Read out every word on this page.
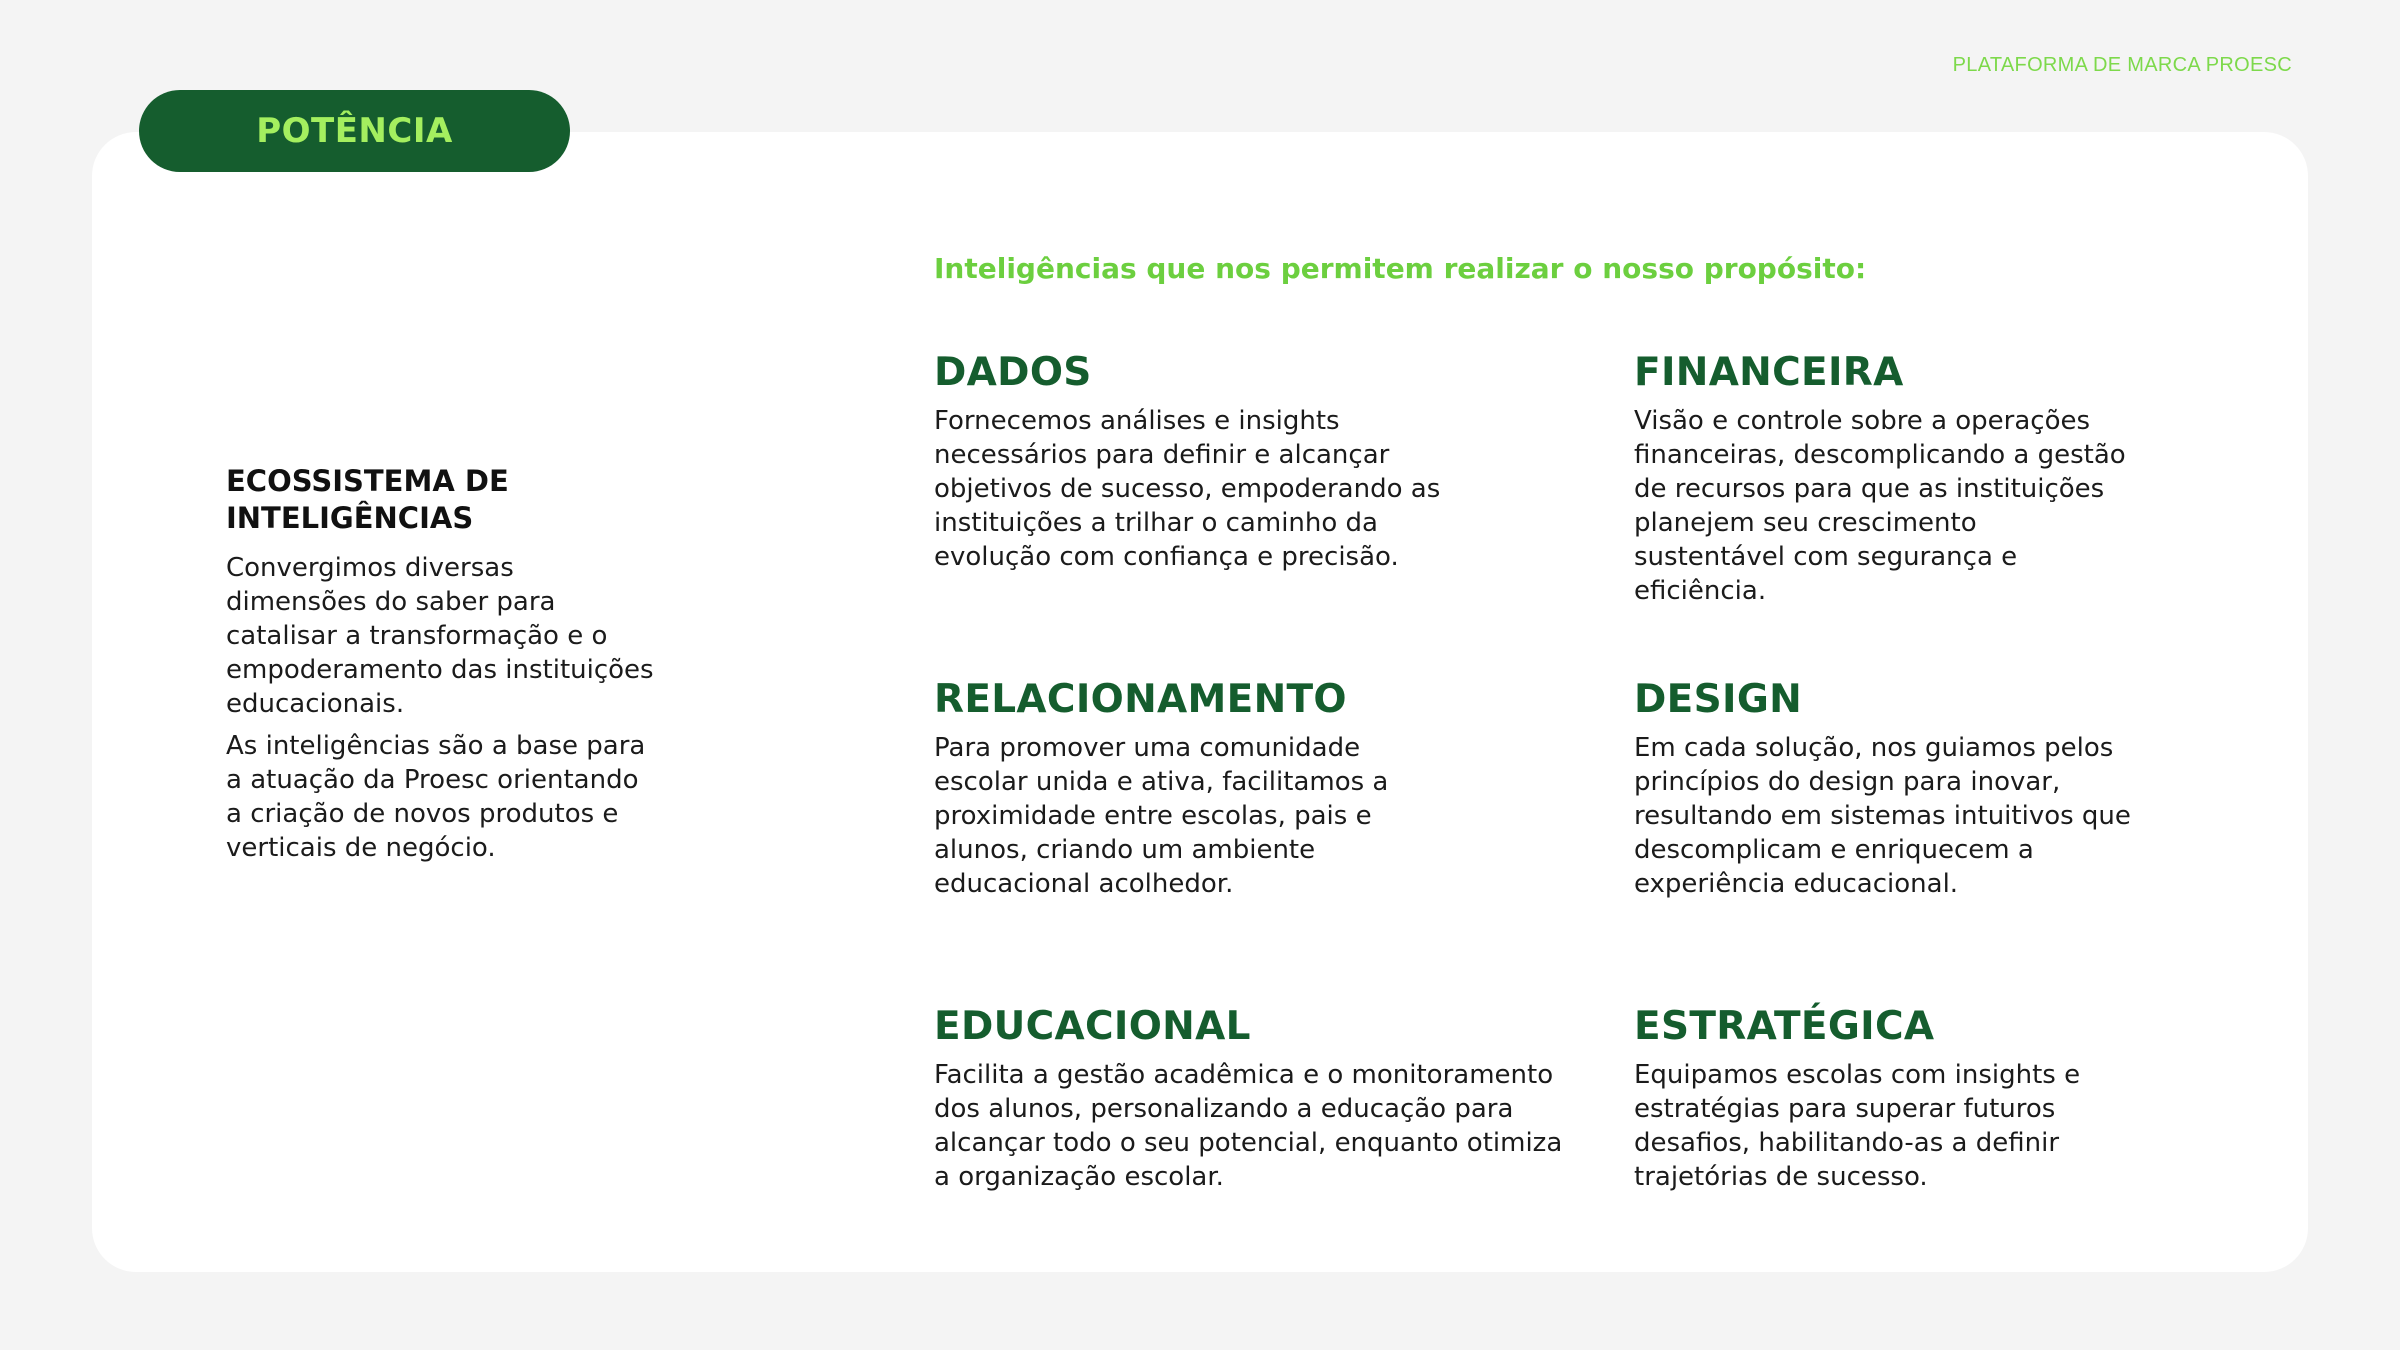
PLATAFORMA DE MARCA PROESC
POTÊNCIA
ECOSSISTEMA DE INTELIGÊNCIAS

Convergimos diversas dimensões do saber para catalisar a transformação e o empoderamento das instituições educacionais.

As inteligências são a base para a atuação da Proesc orientando a criação de novos produtos e verticais de negócio.

Inteligências que nos permitem realizar o nosso propósito:
DADOS

Fornecemos análises e insights necessários para definir e alcançar objetivos de sucesso, empoderando as instituições a trilhar o caminho da evolução com confiança e precisão.

FINANCEIRA

Visão e controle sobre a operações financeiras, descomplicando a gestão de recursos para que as instituições planejem seu crescimento sustentável com segurança e eficiência.

RELACIONAMENTO

Para promover uma comunidade escolar unida e ativa, facilitamos a proximidade entre escolas, pais e alunos, criando um ambiente educacional acolhedor.

DESIGN

Em cada solução, nos guiamos pelos princípios do design para inovar, resultando em sistemas intuitivos que descomplicam e enriquecem a experiência educacional.

EDUCACIONAL

Facilita a gestão acadêmica e o monitoramento dos alunos, personalizando a educação para alcançar todo o seu potencial, enquanto otimiza a organização escolar.

ESTRATÉGICA

Equipamos escolas com insights e estratégias para superar futuros desafios, habilitando-as a definir trajetórias de sucesso.
